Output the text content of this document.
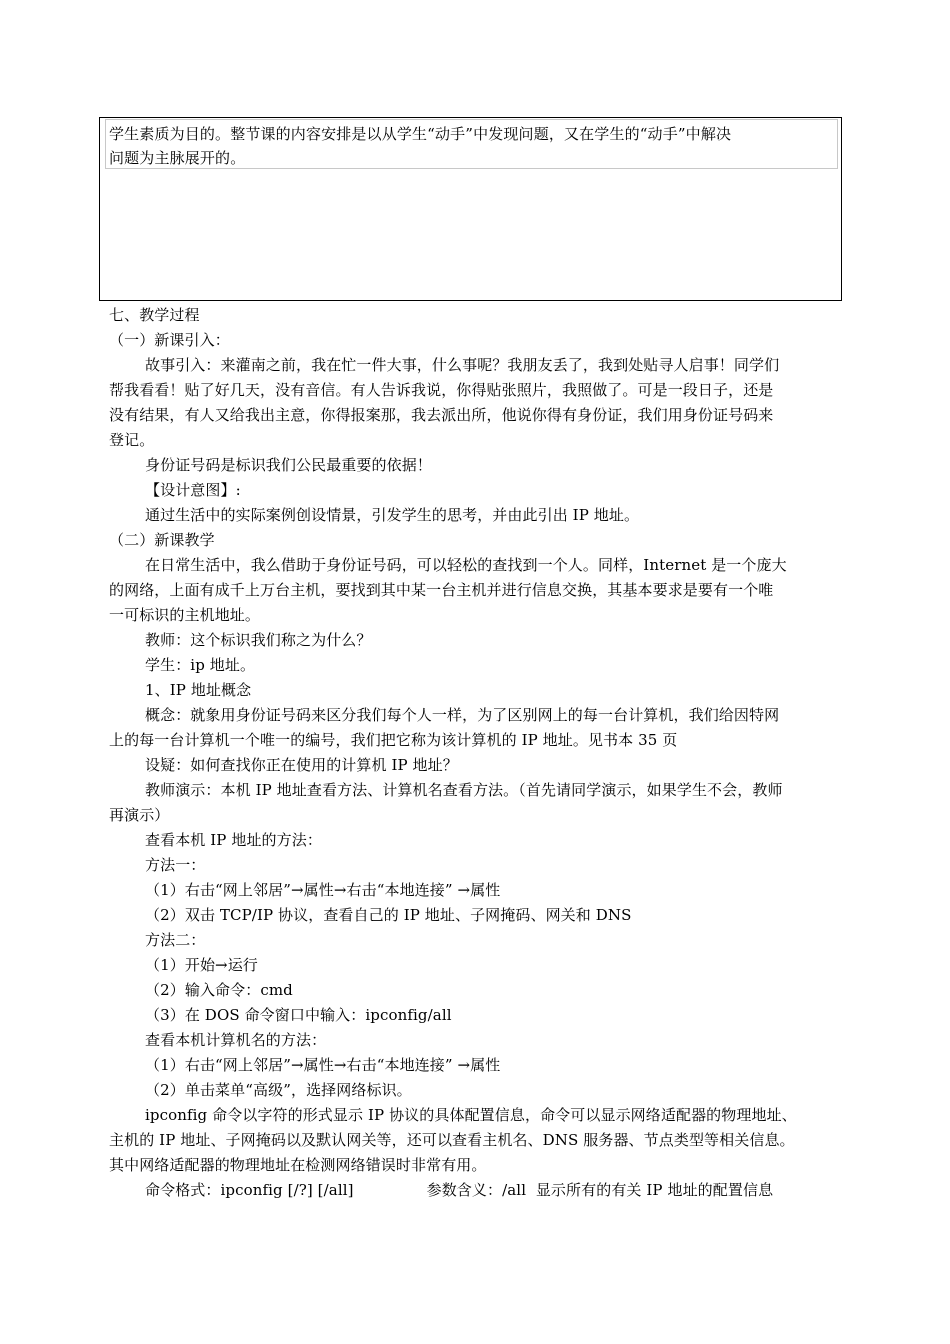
学生素质为目的。整节课的内容安排是以从学生“动手”中发现问题，又在学生的“动手”中解决
问题为主脉展开的。
七、教学过程
（一）新课引入：
故事引入：来灌南之前，我在忙一件大事，什么事呢？我朋友丢了，我到处贴寻人启事！同学们
帮我看看！贴了好几天，没有音信。有人告诉我说，你得贴张照片，我照做了。可是一段日子，还是
没有结果，有人又给我出主意，你得报案那，我去派出所，他说你得有身份证，我们用身份证号码来
登记。
身份证号码是标识我们公民最重要的依据！
【设计意图】:
通过生活中的实际案例创设情景，引发学生的思考，并由此引出 IP 地址。
（二）新课教学
在日常生活中，我么借助于身份证号码，可以轻松的查找到一个人。同样，Internet 是一个庞大
的网络，上面有成千上万台主机，要找到其中某一台主机并进行信息交换，其基本要求是要有一个唯
一可标识的主机地址。
教师：这个标识我们称之为什么？
学生：ip 地址。
1、IP 地址概念
概念：就象用身份证号码来区分我们每个人一样，为了区别网上的每一台计算机，我们给因特网
上的每一台计算机一个唯一的编号，我们把它称为该计算机的 IP 地址。见书本 35 页
设疑：如何查找你正在使用的计算机 IP 地址？
教师演示：本机 IP 地址查看方法、计算机名查看方法。（首先请同学演示，如果学生不会，教师
再演示）
查看本机 IP 地址的方法：
方法一：
（1）右击“网上邻居”→属性→右击“本地连接” →属性
（2）双击 TCP/IP 协议，查看自己的 IP 地址、子网掩码、网关和 DNS
方法二：
（1）开始→运行
（2）输入命令：cmd
（3）在 DOS 命令窗口中输入：ipconfig/all
查看本机计算机名的方法：
（1）右击“网上邻居”→属性→右击“本地连接” →属性
（2）单击菜单“高级”，选择网络标识。
ipconfig 命令以字符的形式显示 IP 协议的具体配置信息，命令可以显示网络适配器的物理地址、
主机的 IP 地址、子网掩码以及默认网关等，还可以查看主机名、DNS 服务器、节点类型等相关信息。
其中网络适配器的物理地址在检测网络错误时非常有用。
命令格式：ipconfig [/?] [/all]               参数含义：/all  显示所有的有关 IP 地址的配置信息
